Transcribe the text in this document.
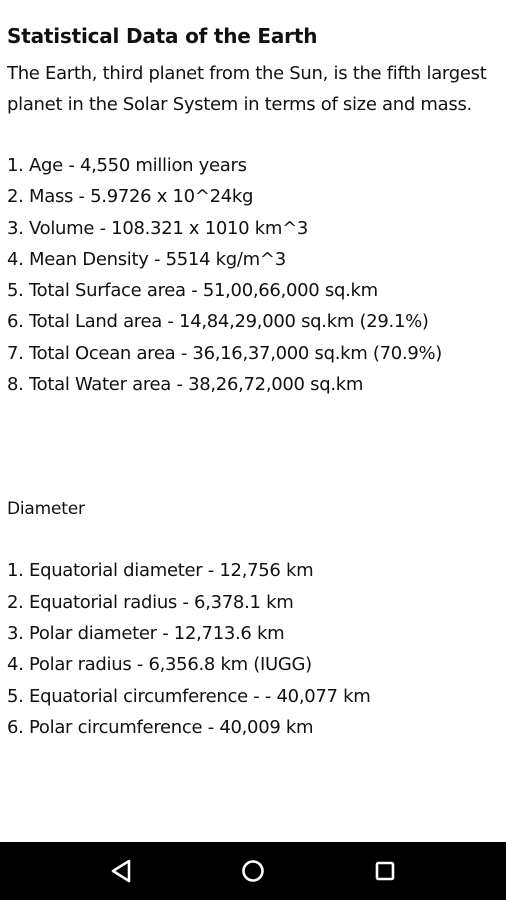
Statistical Data of the Earth

The Earth, third planet from the Sun, is the fifth largest planet in the Solar System in terms of size and mass.

1. Age - 4,550 million years
2. Mass - 5.9726 x 10^24kg
3. Volume - 108.321 x 1010 km^3
4. Mean Density - 5514 kg/m^3
5. Total Surface area - 51,00,66,000 sq.km
6. Total Land area - 14,84,29,000 sq.km (29.1%)
7. Total Ocean area - 36,16,37,000 sq.km (70.9%)
8. Total Water area - 38,26,72,000 sq.km

Diameter

1. Equatorial diameter - 12,756 km
2. Equatorial radius - 6,378.1 km
3. Polar diameter - 12,713.6 km
4. Polar radius - 6,356.8 km (IUGG)
5. Equatorial circumference - - 40,077 km
6. Polar circumference - 40,009 km
